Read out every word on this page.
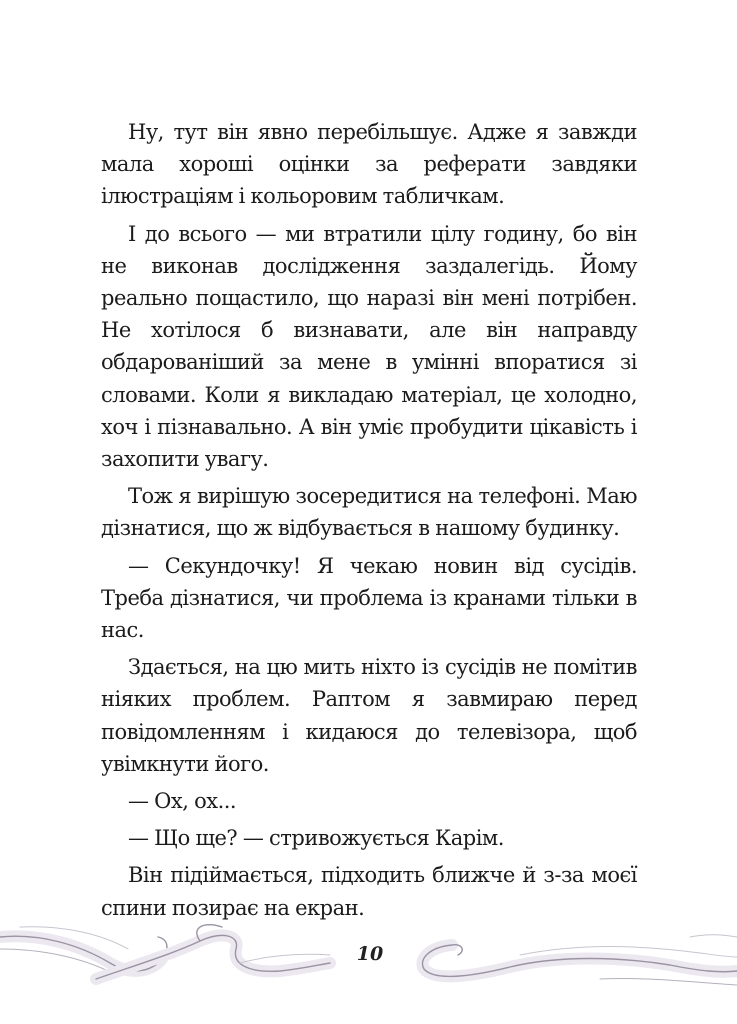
Ну, тут він явно перебільшує. Адже я завжди мала хороші оцінки за реферати завдяки ілюстраціям і кольоровим табличкам.

І до всього — ми втратили цілу годину, бо він не виконав дослідження заздалегідь. Йому реально пощастило, що наразі він мені потрібен. Не хотілося б визнавати, але він направду обдарованіший за мене в умінні впоратися зі словами. Коли я викладаю матеріал, це холодно, хоч і пізнавально. А він уміє пробудити цікавість і захопити увагу.

Тож я вирішую зосередитися на телефоні. Маю дізнатися, що ж відбувається в нашому будинку.

— Секундочку! Я чекаю новин від сусідів. Треба дізнатися, чи проблема із кранами тільки в нас.

Здається, на цю мить ніхто із сусідів не помітив ніяких проблем. Раптом я завмираю перед повідомленням і кидаюся до телевізора, щоб увімкнути його.

— Ох, ох...

— Що ще? — стривожується Карім.

Він підіймається, підходить ближче й з-за моєї спини позирає на екран.

10
